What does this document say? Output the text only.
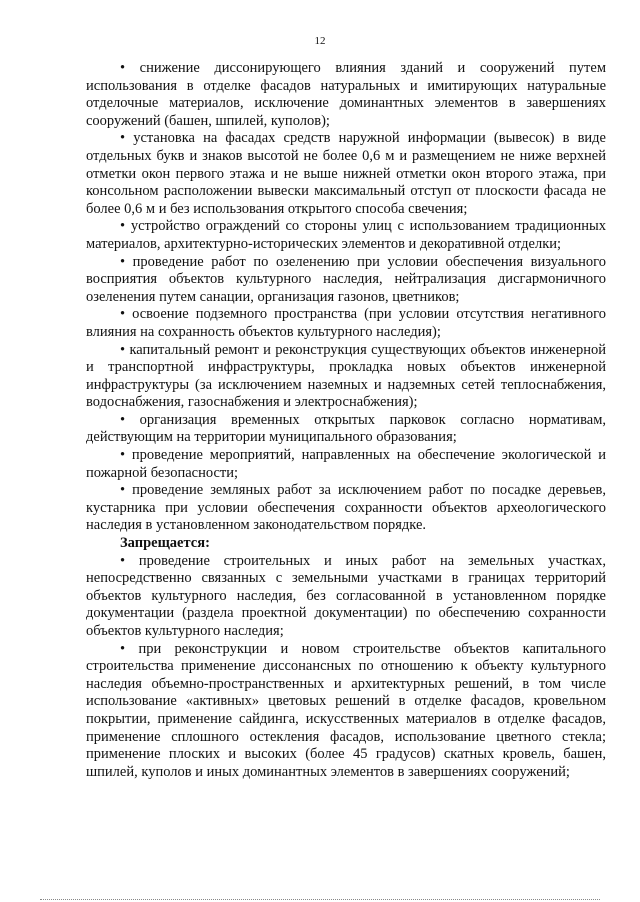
12

• снижение диссонирующего влияния зданий и сооружений путем использования в отделке фасадов натуральных и имитирующих натуральные отделочные материалов, исключение доминантных элементов в завершениях сооружений (башен, шпилей, куполов);

• установка на фасадах средств наружной информации (вывесок) в виде отдельных букв и знаков высотой не более 0,6 м и размещением не ниже верхней отметки окон первого этажа и не выше нижней отметки окон второго этажа, при консольном расположении вывески максимальный отступ от плоскости фасада не более 0,6 м и без использования открытого способа свечения;

• устройство ограждений со стороны улиц с использованием традиционных материалов, архитектурно-исторических элементов и декоративной отделки;

• проведение работ по озеленению при условии обеспечения визуального восприятия объектов культурного наследия, нейтрализация дисгармоничного озеленения путем санации, организация газонов, цветников;

• освоение подземного пространства (при условии отсутствия негативного влияния на сохранность объектов культурного наследия);

• капитальный ремонт и реконструкция существующих объектов инженерной и транспортной инфраструктуры, прокладка новых объектов инженерной инфраструктуры (за исключением наземных и надземных сетей теплоснабжения, водоснабжения, газоснабжения и электроснабжения);

• организация временных открытых парковок согласно нормативам, действующим на территории муниципального образования;

• проведение мероприятий, направленных на обеспечение экологической и пожарной безопасности;

• проведение земляных работ за исключением работ по посадке деревьев, кустарника при условии обеспечения сохранности объектов археологического наследия в установленном законодательством порядке.

Запрещается:

• проведение строительных и иных работ на земельных участках, непосредственно связанных с земельными участками в границах территорий объектов культурного наследия, без согласованной в установленном порядке документации (раздела проектной документации) по обеспечению сохранности объектов культурного наследия;

• при реконструкции и новом строительстве объектов капитального строительства применение диссонансных по отношению к объекту культурного наследия объемно-пространственных и архитектурных решений, в том числе использование «активных» цветовых решений в отделке фасадов, кровельном покрытии, применение сайдинга, искусственных материалов в отделке фасадов, применение сплошного остекления фасадов, использование цветного стекла; применение плоских и высоких (более 45 градусов) скатных кровель, башен, шпилей, куполов и иных доминантных элементов в завершениях сооружений;
